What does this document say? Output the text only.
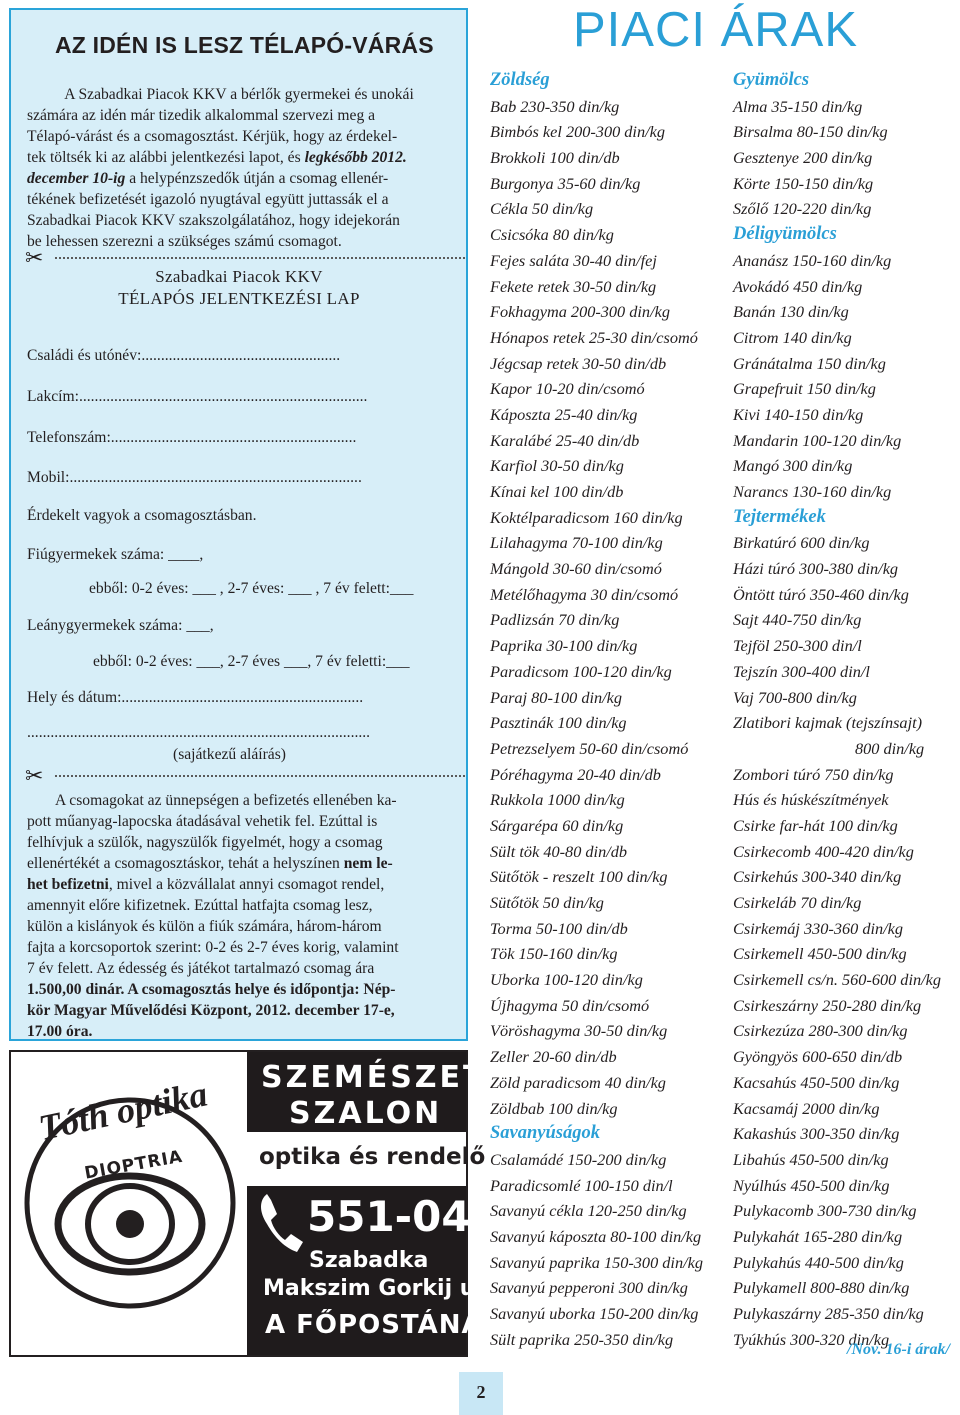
AZ IDÉN IS LESZ TÉLAPÓ-VÁRÁS

A Szabadkai Piacok KKV a bérlők gyermekei és unokái
számára az idén már tizedik alkalommal szervezi meg a
Télapó-várást és a csomagosztást. Kérjük, hogy az érdekel-
tek töltsék ki az alábbi jelentkezési lapot, és legkésőbb 2012.
december 10-ig a helypénzszedők útján a csomag ellenér-
tékének befizetését igazoló nyugtával együtt juttassák el a
Szabadkai Piacok KKV szakszolgálatához, hogy idejekorán
be lehessen szerezni a szükséges számú csomagot.

✂
Szabadkai Piacok KKV
TÉLAPÓS JELENTKEZÉSI LAP
Családi és utónév:...................................................
Lakcím:..........................................................................
Telefonszám:...............................................................
Mobil:...........................................................................
Érdekelt vagyok a csomagosztásban.
Fiúgyermekek száma: ____,
ebből: 0-2 éves: ___ , 2-7 éves: ___ , 7 év felett:___
Leánygyermekek száma: ___,
ebből: 0-2 éves: ___, 2-7 éves ___, 7 év feletti:___
Hely és dátum:..............................................................
........................................................................................
(sajátkezű aláírás)
✂

A csomagokat az ünnepségen a befizetés ellenében ka-
pott műanyag-lapocska átadásával vehetik fel. Ezúttal is
felhívjuk a szülők, nagyszülők figyelmét, hogy a csomag
ellenértékét a csomagosztáskor, tehát a helyszínen nem le-
het befizetni, mivel a közvállalat annyi csomagot rendel,
amennyit előre kifizetnek. Ezúttal hatfajta csomag lesz,
külön a kislányok és külön a fiúk számára, három-három
fajta a korcsoportok szerint: 0-2 és 2-7 éves korig, valamint
7 év felett. Az édesség és játékot tartalmazó csomag ára
1.500,00 dinár. A csomagosztás helye és időpontja: Nép-
kör Magyar Művelődési Központ, 2012. december 17-e,
17.00 óra.

SZEMÉSZETI
SZALON
Tóth optika
DIOPTRIA	optika és rendelő
551-045
Szabadka
Makszim Gorkij u. 20
A FŐPOSTÁNÁL
2
PIACI ÁRAK
Zöldség
Bab 230-350 din/kg
Bimbós kel 200-300 din/kg
Brokkoli 100 din/db
Burgonya 35-60 din/kg
Cékla 50 din/kg
Csicsóka 80 din/kg
Fejes saláta 30-40 din/fej
Fekete retek 30-50 din/kg
Fokhagyma 200-300 din/kg
Hónapos retek 25-30 din/csomó
Jégcsap retek 30-50 din/db
Kapor 10-20 din/csomó
Káposzta 25-40 din/kg
Karalábé 25-40 din/db
Karfiol 30-50 din/kg
Kínai kel 100 din/db
Koktélparadicsom 160 din/kg
Lilahagyma 70-100 din/kg
Mángold 30-60 din/csomó
Metélőhagyma 30 din/csomó
Padlizsán 70 din/kg
Paprika 30-100 din/kg
Paradicsom 100-120 din/kg
Paraj 80-100 din/kg
Pasztinák 100 din/kg
Petrezselyem 50-60 din/csomó
Póréhagyma 20-40 din/db
Rukkola 1000 din/kg
Sárgarépa 60 din/kg
Sült tök 40-80 din/db
Sütőtök - reszelt 100 din/kg
Sütőtök 50 din/kg
Torma 50-100 din/db
Tök 150-160 din/kg
Uborka 100-120 din/kg
Újhagyma 50 din/csomó
Vöröshagyma 30-50 din/kg
Zeller 20-60 din/db
Zöld paradicsom 40 din/kg
Zöldbab 100 din/kg
Savanyúságok
Csalamádé 150-200 din/kg
Paradicsomlé 100-150 din/l
Savanyú cékla 120-250 din/kg
Savanyú káposzta 80-100 din/kg
Savanyú paprika 150-300 din/kg
Savanyú pepperoni 300 din/kg
Savanyú uborka 150-200 din/kg
Sült paprika 250-350 din/kg
Gyümölcs
Alma 35-150 din/kg
Birsalma 80-150 din/kg
Gesztenye 200 din/kg
Körte 150-150 din/kg
Szőlő 120-220 din/kg
Déligyümölcs
Ananász 150-160 din/kg
Avokádó 450 din/kg
Banán 130 din/kg
Citrom 140 din/kg
Gránátalma 150 din/kg
Grapefruit 150 din/kg
Kivi 140-150 din/kg
Mandarin 100-120 din/kg
Mangó 300 din/kg
Narancs 130-160 din/kg
Tejtermékek
Birkatúró 600 din/kg
Házi túró 300-380 din/kg
Öntött túró 350-460 din/kg
Sajt 440-750 din/kg
Tejföl 250-300 din/l
Tejszín 300-400 din/l
Vaj 700-800 din/kg
Zlatibori kajmak (tejszínsajt)
800 din/kg
Zombori túró 750 din/kg
Hús és húskészítmények
Csirke far-hát 100 din/kg
Csirkecomb 400-420 din/kg
Csirkehús 300-340 din/kg
Csirkeláb 70 din/kg
Csirkemáj 330-360 din/kg
Csirkemell 450-500 din/kg
Csirkemell cs/n. 560-600 din/kg
Csirkeszárny 250-280 din/kg
Csirkezúza 280-300 din/kg
Gyöngyös 600-650 din/db
Kacsahús 450-500 din/kg
Kacsamáj 2000 din/kg
Kakashús 300-350 din/kg
Libahús 450-500 din/kg
Nyúlhús 450-500 din/kg
Pulykacomb 300-730 din/kg
Pulykahát 165-280 din/kg
Pulykahús 440-500 din/kg
Pulykamell 800-880 din/kg
Pulykaszárny 285-350 din/kg
Tyúkhús 300-320 din/kg
/Nov. 16-i árak/
